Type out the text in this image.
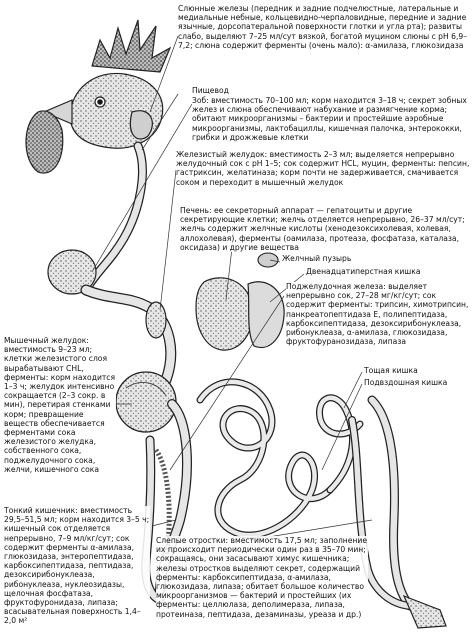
Слюнные железы (передник и задние подчелюстные, латеральные и медиальные небные, кольцевидно-черпаловидные, передние и задние язычные, дорсопатеральной поверхности глотки и угла рта); развиты слабо, выделяют 7–25 мл/сут вязкой, богатой муцином слюны с рН 6,9–7,2; слюна содержит ферменты (очень мало): α-амилаза, глюкозидаза
Пищевод
Зоб: вместимость 70–100 мл; корм находится 3–18 ч; секрет зобных желез и слюна обеспечивают набухание и размягчение корма; обитают микроорганизмы – бактерии и простейшие аэробные микроорганизмы, лактобациллы, кишечная палочка, энтерококки, грибки и дрожжевые клетки
Железистый желудок: вместимость 2–3 мл; выделяется непрерывно желудочный сок с рН 1–5; сок содержит HCL, муцин, ферменты: пепсин, гастриксин, желатиназа; корм почти не задерживается, смачивается соком и переходит в мышечный желудок
Печень: ее секреторный аппарат — гепатоциты и другие секретирующие клетки; желчь отделяется непрерывно, 26–37 мл/сут; желчь содержит желчные кислоты (хенодезоксихолевая, холевая, аллохолевая), ферменты (оамилаза, протеаза, фосфатаза, каталаза, оксидаза) и другие вещества
Желчный пузырь
Двенадцатиперстная кишка
Поджелудочная железа: выделяет непрерывно сок, 27–28 мг/кг/сут; сок содержит ферменты: трипсин, химотрипсин, панкреатопептидаза Е, полипептидаза, карбоксипептидаза, дезоксирибонуклеаза, рибонуклеаза, α-амилаза, глюкозидаза, фруктофуранозидаза, липаза
Тощая кишка
Подвздошная кишка
Мышечный желудок: вместимость 9–23 мл; клетки железистого слоя вырабатывают CHL, ферменты: корм находится 1–3 ч; желудок интенсивно сокращается (2–3 сокр. в мин), перетирая стенками корм; превращение веществ обеспечивается ферментами сока железистого желудка, собственного сока, поджелудочного сока, желчи, кишечного сока
Тонкий кишечник: вместимость 29,5–51,5 мл; корм находится 3–5 ч; кишечный сок отделяется непрерывно, 7–9 мл/кг/сут; сок содержит ферменты α-амилаза, глюкозидаза, энтеропептидаза, карбоксипептидаза, пептидаза, дезоксирибонуклеаза, рибонуклеаза, нуклеозидазы, щелочная фосфатаза, фруктофуронидаза, липаза; всасывательная поверхность 1,4–2,0 м²
Слепые отростки: вместимость 17,5 мл; заполнение их происходит периодически один раз в 35–70 мин; сокращаясь, они засасывают химус кишечника; железы отростков выделяют секрет, содержащий ферменты: карбоксипептидаза, α-амилаза, глюкозидаза, липаза; обитает большое количество микроорганизмов — бактерий и простейших (их ферменты: целлюлаза, деполимераза, липаза, протеиназа, пептидаза, дезаминазы, уреаза и др.)
